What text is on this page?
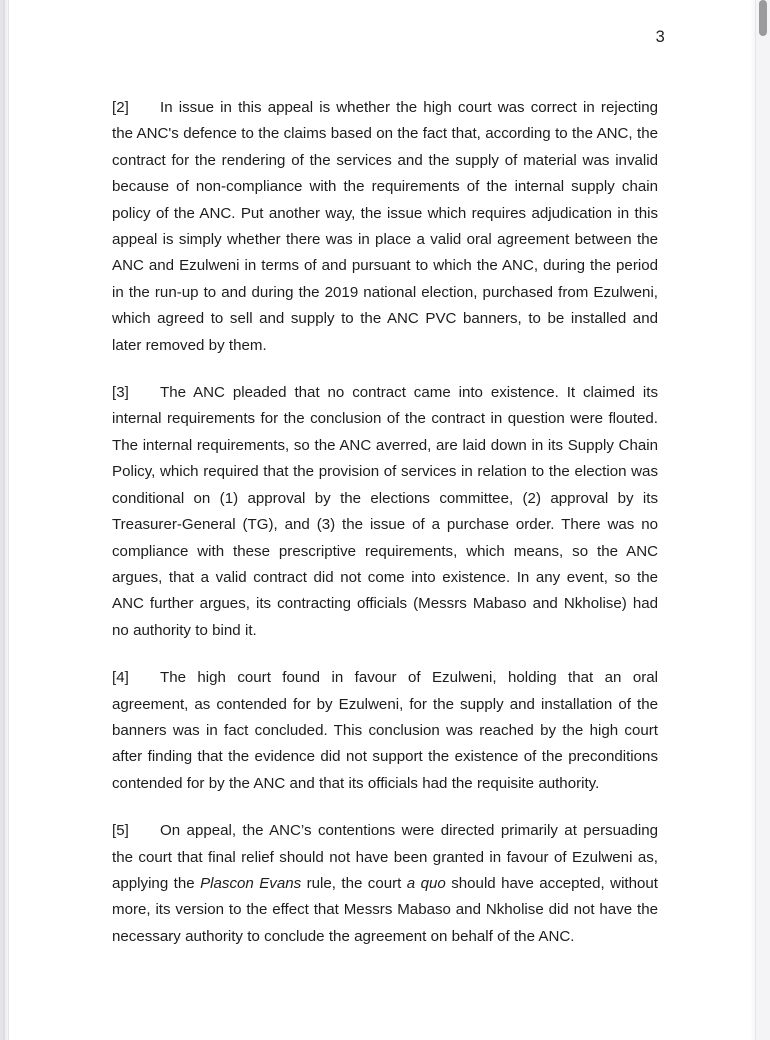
3

[2] In issue in this appeal is whether the high court was correct in rejecting the ANC's defence to the claims based on the fact that, according to the ANC, the contract for the rendering of the services and the supply of material was invalid because of non-compliance with the requirements of the internal supply chain policy of the ANC. Put another way, the issue which requires adjudication in this appeal is simply whether there was in place a valid oral agreement between the ANC and Ezulweni in terms of and pursuant to which the ANC, during the period in the run-up to and during the 2019 national election, purchased from Ezulweni, which agreed to sell and supply to the ANC PVC banners, to be installed and later removed by them.

[3] The ANC pleaded that no contract came into existence. It claimed its internal requirements for the conclusion of the contract in question were flouted. The internal requirements, so the ANC averred, are laid down in its Supply Chain Policy, which required that the provision of services in relation to the election was conditional on (1) approval by the elections committee, (2) approval by its Treasurer-General (TG), and (3) the issue of a purchase order. There was no compliance with these prescriptive requirements, which means, so the ANC argues, that a valid contract did not come into existence. In any event, so the ANC further argues, its contracting officials (Messrs Mabaso and Nkholise) had no authority to bind it.

[4] The high court found in favour of Ezulweni, holding that an oral agreement, as contended for by Ezulweni, for the supply and installation of the banners was in fact concluded. This conclusion was reached by the high court after finding that the evidence did not support the existence of the preconditions contended for by the ANC and that its officials had the requisite authority.

[5] On appeal, the ANC’s contentions were directed primarily at persuading the court that final relief should not have been granted in favour of Ezulweni as, applying the Plascon Evans rule, the court a quo should have accepted, without more, its version to the effect that Messrs Mabaso and Nkholise did not have the necessary authority to conclude the agreement on behalf of the ANC.
